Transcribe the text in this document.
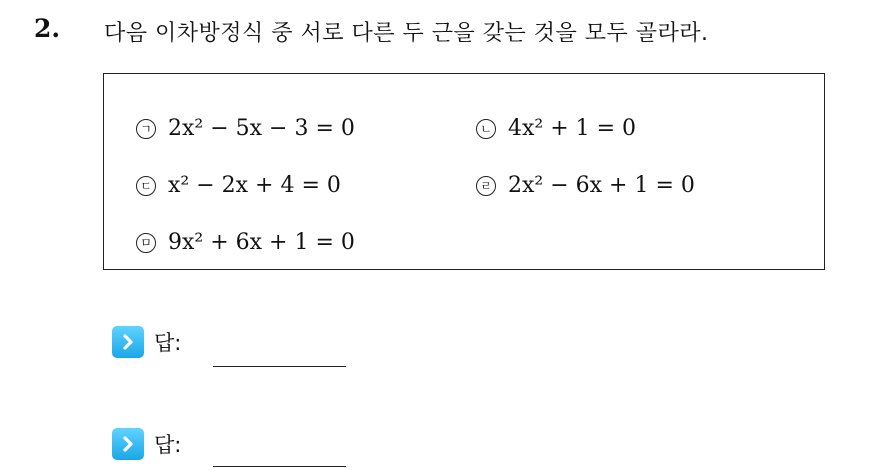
2. 다음 이차방정식 중 서로 다른 두 근을 갖는 것을 모두 골라라.
ㄱ 2x² − 5x − 3 = 0	ㄴ 4x² + 1 = 0
ㄷ x² − 2x + 4 = 0	ㄹ 2x² − 6x + 1 = 0
ㅁ 9x² + 6x + 1 = 0
답:
답:
